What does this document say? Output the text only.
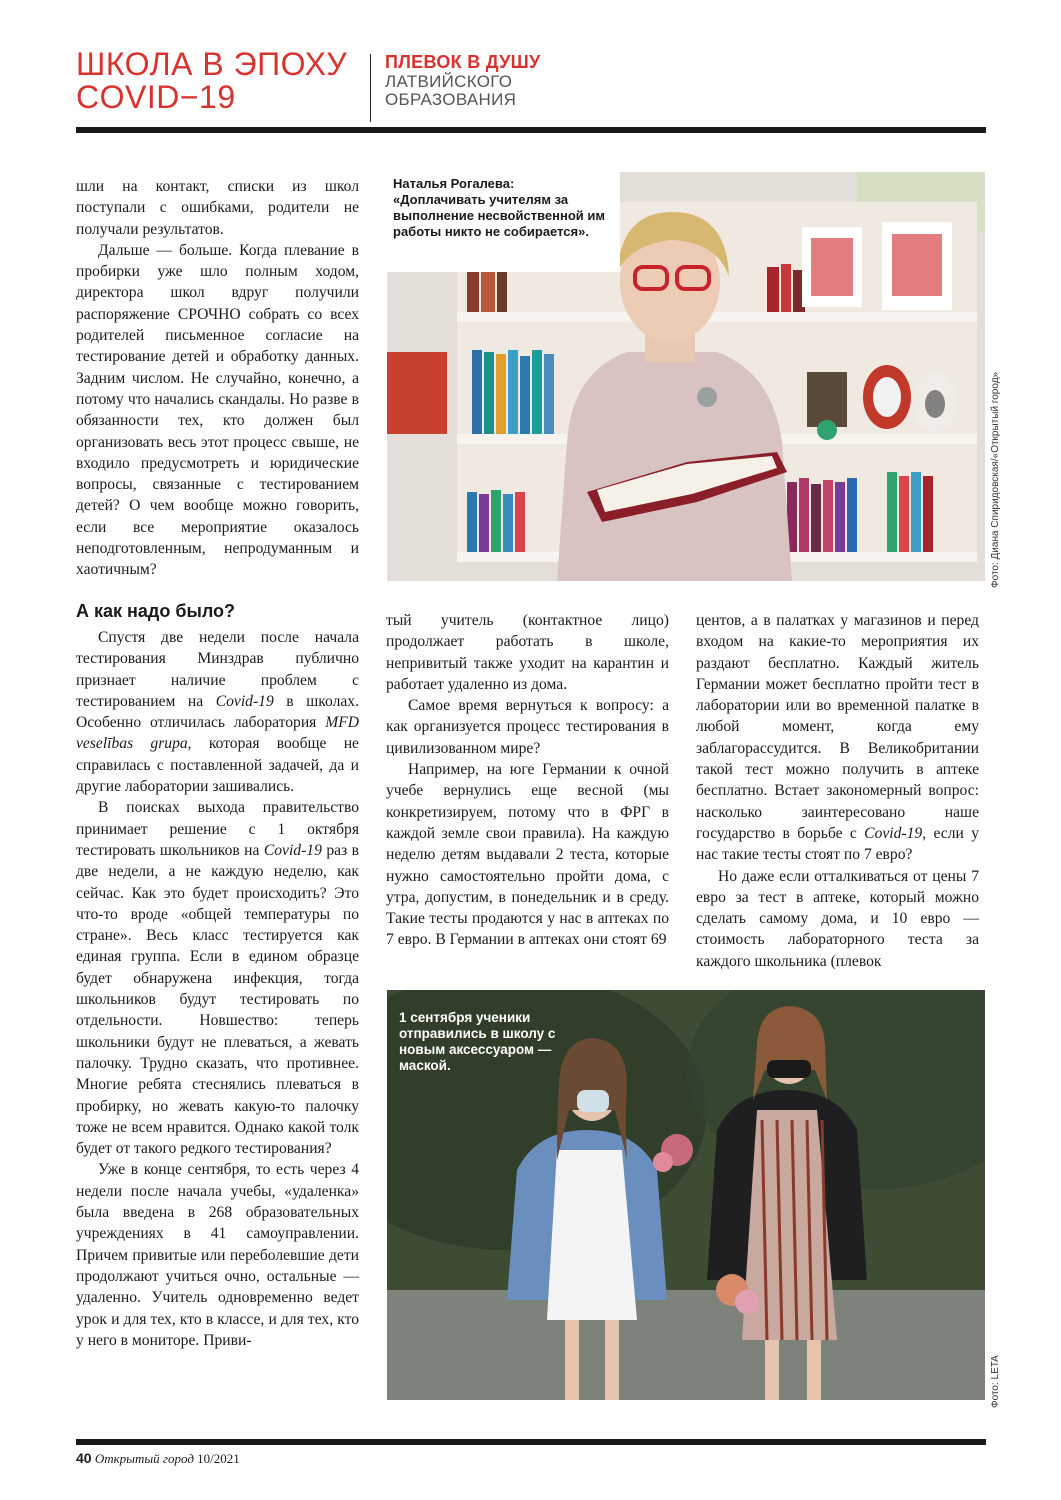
ШКОЛА В ЭПОХУ
COVID−19
ПЛЕВОК В ДУШУ
ЛАТВИЙСКОГО
ОБРАЗОВАНИЯ

шли на контакт, списки из школ поступали с ошибками, родители не получали результатов.

Дальше — больше. Когда плевание в пробирки уже шло полным ходом, директора школ вдруг получили распоряжение СРОЧНО собрать со всех родителей письменное согласие на тестирование детей и обработку данных. Задним числом. Не случайно, конечно, а потому что начались скандалы. Но разве в обязанности тех, кто должен был организовать весь этот процесс свыше, не входило предусмотреть и юридические вопросы, связанные с тестированием детей? О чем вообще можно говорить, если все мероприятие оказалось неподготовленным, непродуманным и хаотичным?

Наталья Рогалева:
«Доплачивать учителям за выполнение несвойственной им работы никто не собирается».
Фото: Диана Спиридовская/«Открытый город»
А как надо было?

Спустя две недели после начала тестирования Минздрав публично признает наличие проблем с тестированием на Covid-19 в школах. Особенно отличилась лаборатория MFD veselības grupa, которая вообще не справилась с поставленной задачей, да и другие лаборатории зашивались.

В поисках выхода правительство принимает решение с 1 октября тестировать школьников на Covid-19 раз в две недели, а не каждую неделю, как сейчас. Как это будет происходить? Это что-то вроде «общей температуры по стране». Весь класс тестируется как единая группа. Если в едином образце будет обнаружена инфекция, тогда школьников будут тестировать по отдельности. Новшество: теперь школьники будут не плеваться, а жевать палочку. Трудно сказать, что противнее. Многие ребята стеснялись плеваться в пробирку, но жевать какую-то палочку тоже не всем нравится. Однако какой толк будет от такого редкого тестирования?

Уже в конце сентября, то есть через 4 недели после начала учебы, «удаленка» была введена в 268 образовательных учреждениях в 41 самоуправлении. Причем привитые или переболевшие дети продолжают учиться очно, остальные — удаленно. Учитель одновременно ведет урок и для тех, кто в классе, и для тех, кто у него в мониторе. Приви-

тый учитель (контактное лицо) продолжает работать в школе, непривитый также уходит на карантин и работает удаленно из дома.

Самое время вернуться к вопросу: а как организуется процесс тестирования в цивилизованном мире?

Например, на юге Германии к очной учебе вернулись еще весной (мы конкретизируем, потому что в ФРГ в каждой земле свои правила). На каждую неделю детям выдавали 2 теста, которые нужно самостоятельно пройти дома, с утра, допустим, в понедельник и в среду. Такие тесты продаются у нас в аптеках по 7 евро. В Германии в аптеках они стоят 69

центов, а в палатках у магазинов и перед входом на какие-то мероприятия их раздают бесплатно. Каждый житель Германии может бесплатно пройти тест в лаборатории или во временной палатке в любой момент, когда ему заблагорассудится. В Великобритании такой тест можно получить в аптеке бесплатно. Встает закономерный вопрос: насколько заинтересовано наше государство в борьбе с Covid-19, если у нас такие тесты стоят по 7 евро?

Но даже если отталкиваться от цены 7 евро за тест в аптеке, который можно сделать самому дома, и 10 евро — стоимость лабораторного теста за каждого школьника (плевок

1 сентября ученики отправились в школу с новым аксессуаром — маской.
Фото: LETA
40 Открытый город 10/2021
